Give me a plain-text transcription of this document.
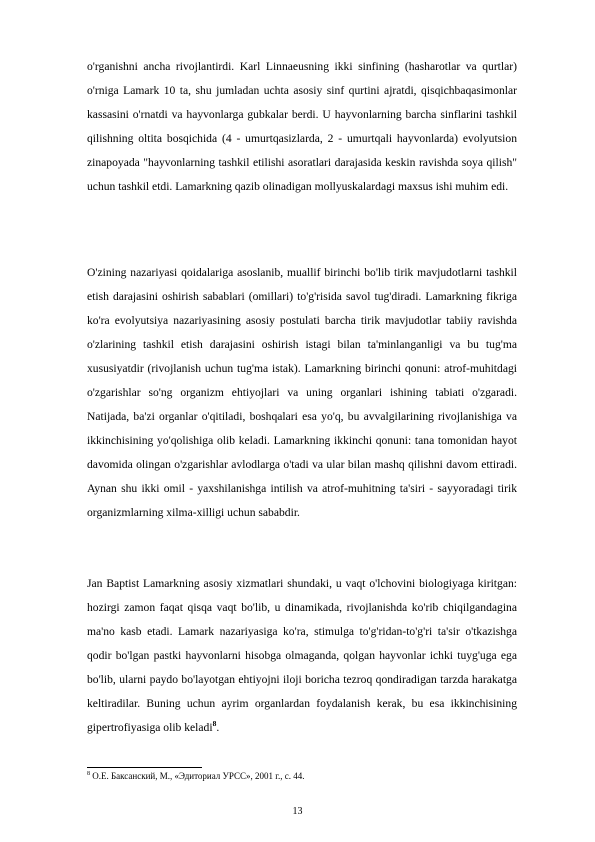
o'rganishni ancha rivojlantirdi. Karl Linnaeusning ikki sinfining (hasharotlar va qurtlar) o'rniga Lamark 10 ta, shu jumladan uchta asosiy sinf qurtini ajratdi, qisqichbaqasimonlar kassasini o'rnatdi va hayvonlarga gubkalar berdi. U hayvonlarning barcha sinflarini tashkil qilishning oltita bosqichida (4 - umurtqasizlarda, 2 - umurtqali hayvonlarda) evolyutsion zinapoyada "hayvonlarning tashkil etilishi asoratlari darajasida keskin ravishda soya qilish" uchun tashkil etdi. Lamarkning qazib olinadigan mollyuskalardagi maxsus ishi muhim edi.

O'zining nazariyasi qoidalariga asoslanib, muallif birinchi bo'lib tirik mavjudotlarni tashkil etish darajasini oshirish sabablari (omillari) to'g'risida savol tug'diradi. Lamarkning fikriga ko'ra evolyutsiya nazariyasining asosiy postulati barcha tirik mavjudotlar tabiiy ravishda o'zlarining tashkil etish darajasini oshirish istagi bilan ta'minlanganligi va bu tug'ma xususiyatdir (rivojlanish uchun tug'ma istak). Lamarkning birinchi qonuni: atrof-muhitdagi o'zgarishlar so'ng organizm ehtiyojlari va uning organlari ishining tabiati o'zgaradi. Natijada, ba'zi organlar o'qitiladi, boshqalari esa yo'q, bu avvalgilarining rivojlanishiga va ikkinchisining yo'qolishiga olib keladi. Lamarkning ikkinchi qonuni: tana tomonidan hayot davomida olingan o'zgarishlar avlodlarga o'tadi va ular bilan mashq qilishni davom ettiradi. Aynan shu ikki omil - yaxshilanishga intilish va atrof-muhitning ta'siri - sayyoradagi tirik organizmlarning xilma-xilligi uchun sababdir.

Jan Baptist Lamarkning asosiy xizmatlari shundaki, u vaqt o'lchovini biologiyaga kiritgan: hozirgi zamon faqat qisqa vaqt bo'lib, u dinamikada, rivojlanishda ko'rib chiqilgandagina ma'no kasb etadi. Lamark nazariyasiga ko'ra, stimulga to'g'ridan-to'g'ri ta'sir o'tkazishga qodir bo'lgan pastki hayvonlarni hisobga olmaganda, qolgan hayvonlar ichki tuyg'uga ega bo'lib, ularni paydo bo'layotgan ehtiyojni iloji boricha tezroq qondiradigan tarzda harakatga keltiradilar. Buning uchun ayrim organlardan foydalanish kerak, bu esa ikkinchisining gipertrofiyasiga olib keladi$^8$.

$^8$ О.Е. Баксанский, М., «Эдиториал УРСС», 2001 г., с. 44.
13
